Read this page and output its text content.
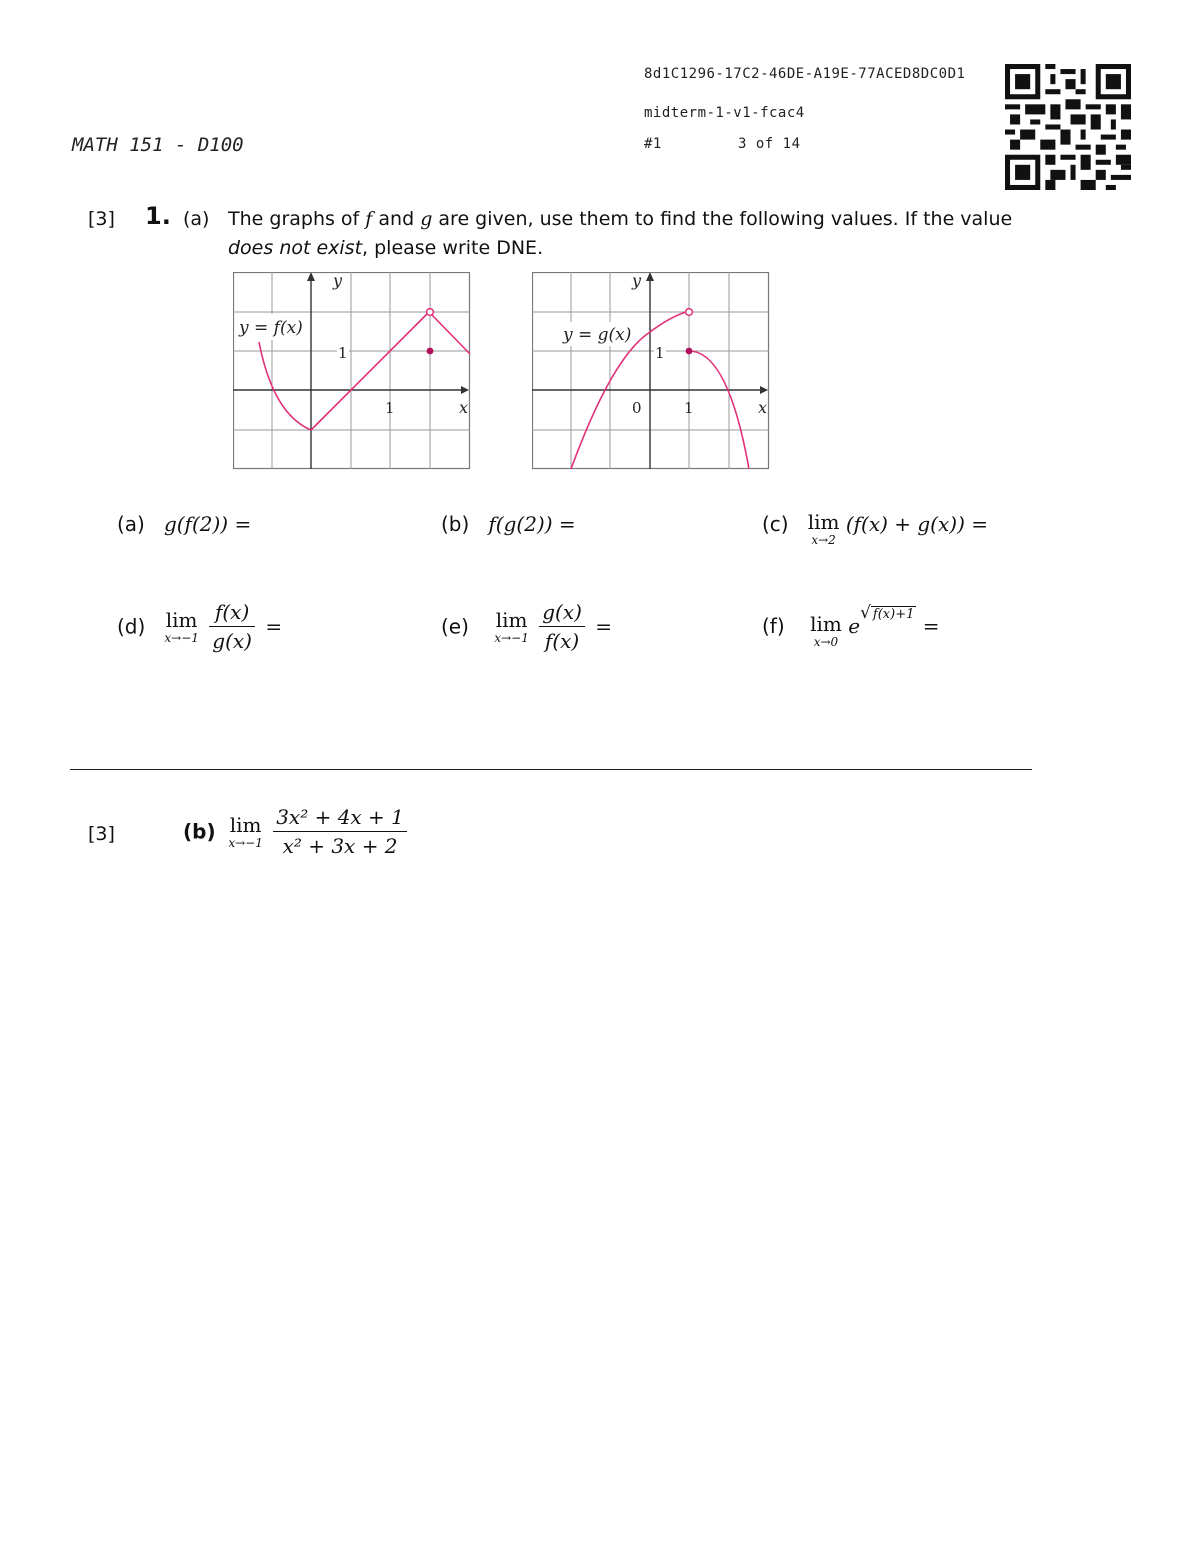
8d1C1296-17C2-46DE-A19E-77ACED8DC0D1
midterm-1-v1-fcac4
#1	3 of 14
MATH 151 - D100
[3] 1. (a) The graphs of f and g are given, use them to find the following values. If the value
does not exist, please write DNE.
y = f(x)
1
1
y
x
y = g(x)
1
0	1
y
x
(a) g(f(2)) =	(b) f(g(2)) =	(c) lim
x→2
(f(x) + g(x)) =
(d) lim
x→−1
$\frac{f(x)}{g(x)}$ =	(e) lim
x→−1
$\frac{g(x)}{f(x)}$ =	(f) lim
x→0
$e^{√ f(x)+1}$ =
[3]	(b) lim
x→−1
$\frac{\text{3x² + 4x + 1}}{\text{x² + 3x + 2}}$
